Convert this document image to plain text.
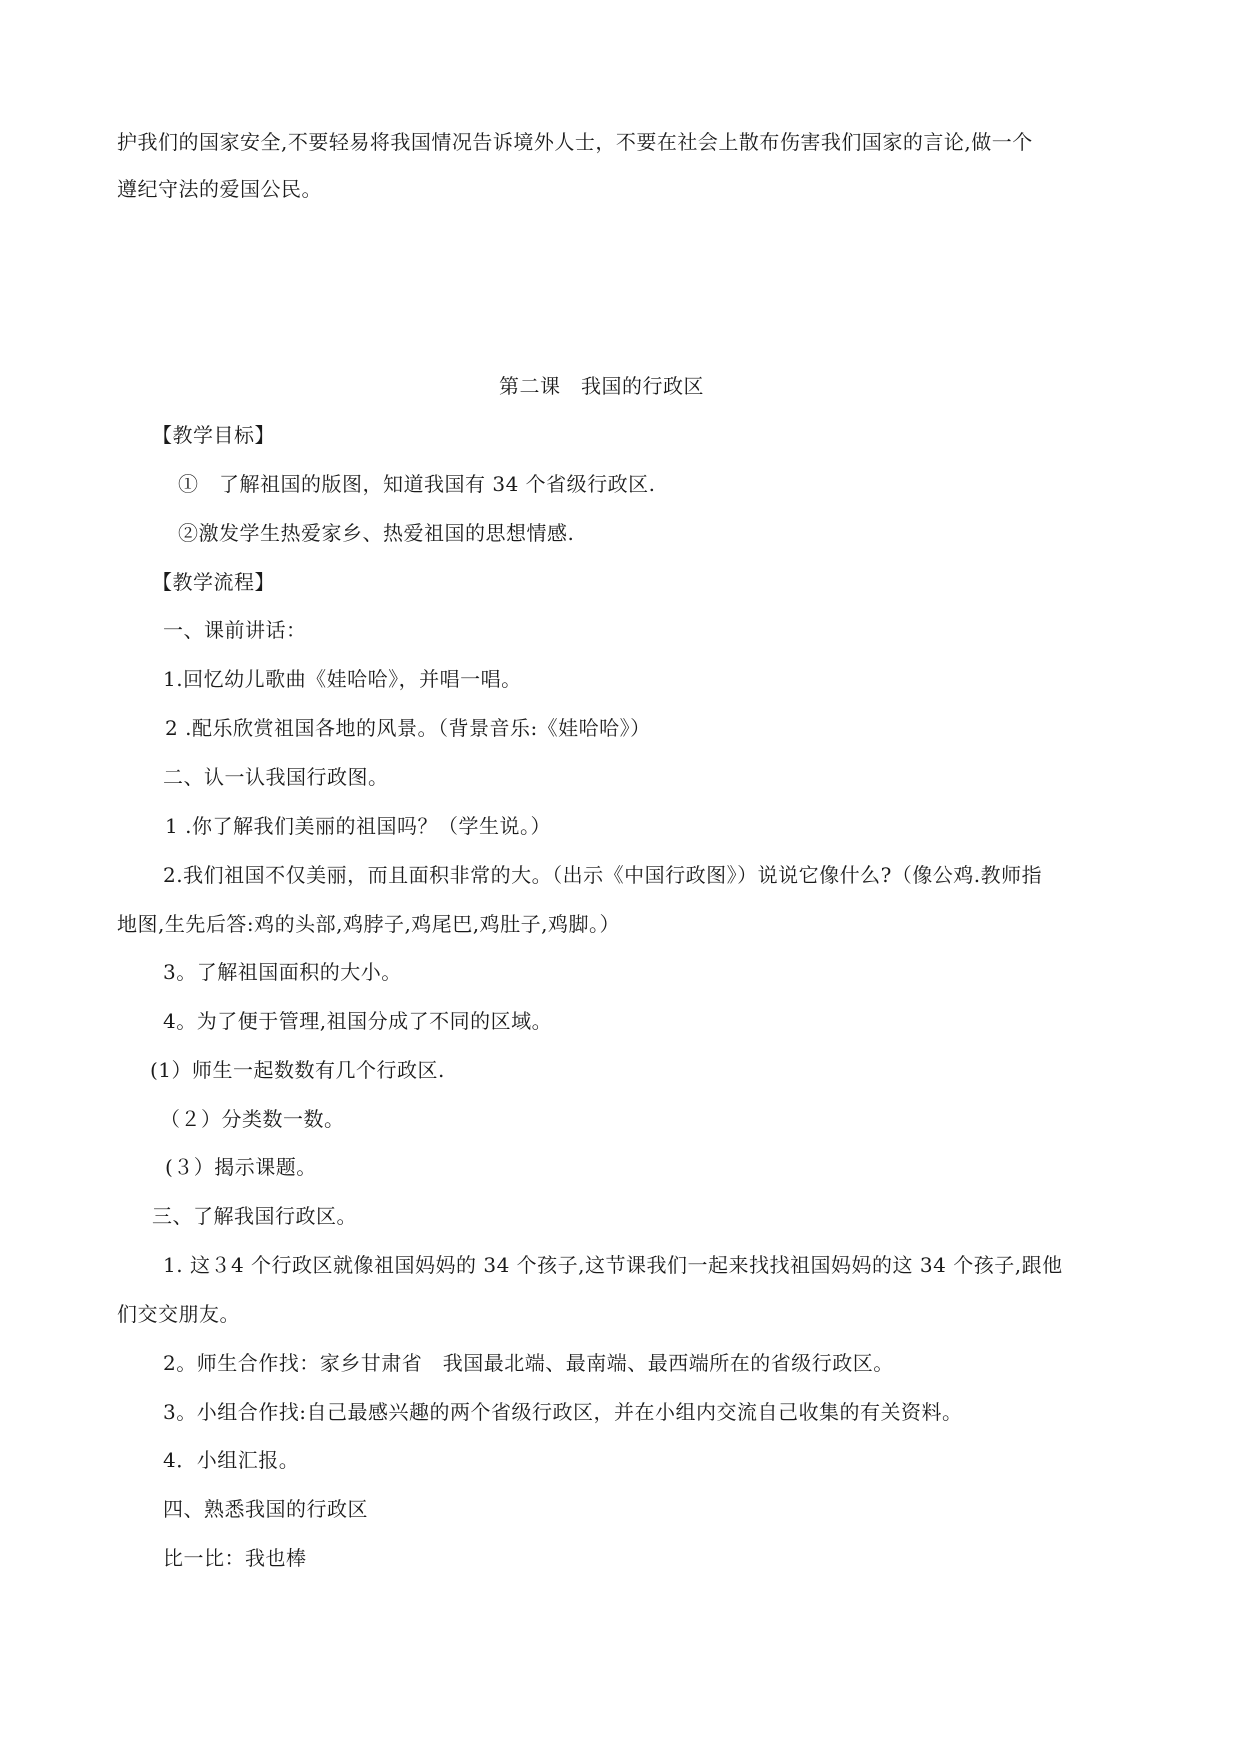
护我们的国家安全,不要轻易将我国情况告诉境外人士，不要在社会上散布伤害我们国家的言论,做一个
遵纪守法的爱国公民。
第二课　我国的行政区
【教学目标】
①　了解祖国的版图，知道我国有 34 个省级行政区.
②激发学生热爱家乡、热爱祖国的思想情感.
【教学流程】
一、课前讲话：
1.回忆幼儿歌曲《娃哈哈》，并唱一唱。
2 .配乐欣赏祖国各地的风景。（背景音乐:《娃哈哈》）
二、认一认我国行政图。
1 .你了解我们美丽的祖国吗？（学生说。）
2.我们祖国不仅美丽，而且面积非常的大。（出示《中国行政图》）说说它像什么?（像公鸡.教师指
地图,生先后答:鸡的头部,鸡脖子,鸡尾巴,鸡肚子,鸡脚。）
3。了解祖国面积的大小。
4。为了便于管理,祖国分成了不同的区域。
(1）师生一起数数有几个行政区.
（２）分类数一数。
(３）揭示课题。
三、了解我国行政区。
1. 这３4 个行政区就像祖国妈妈的 34 个孩子,这节课我们一起来找找祖国妈妈的这 34 个孩子,跟他
们交交朋友。
2。师生合作找：家乡甘肃省　我国最北端、最南端、最西端所在的省级行政区。
3。小组合作找:自己最感兴趣的两个省级行政区，并在小组内交流自己收集的有关资料。
4．小组汇报。
四、熟悉我国的行政区
比一比：我也棒
